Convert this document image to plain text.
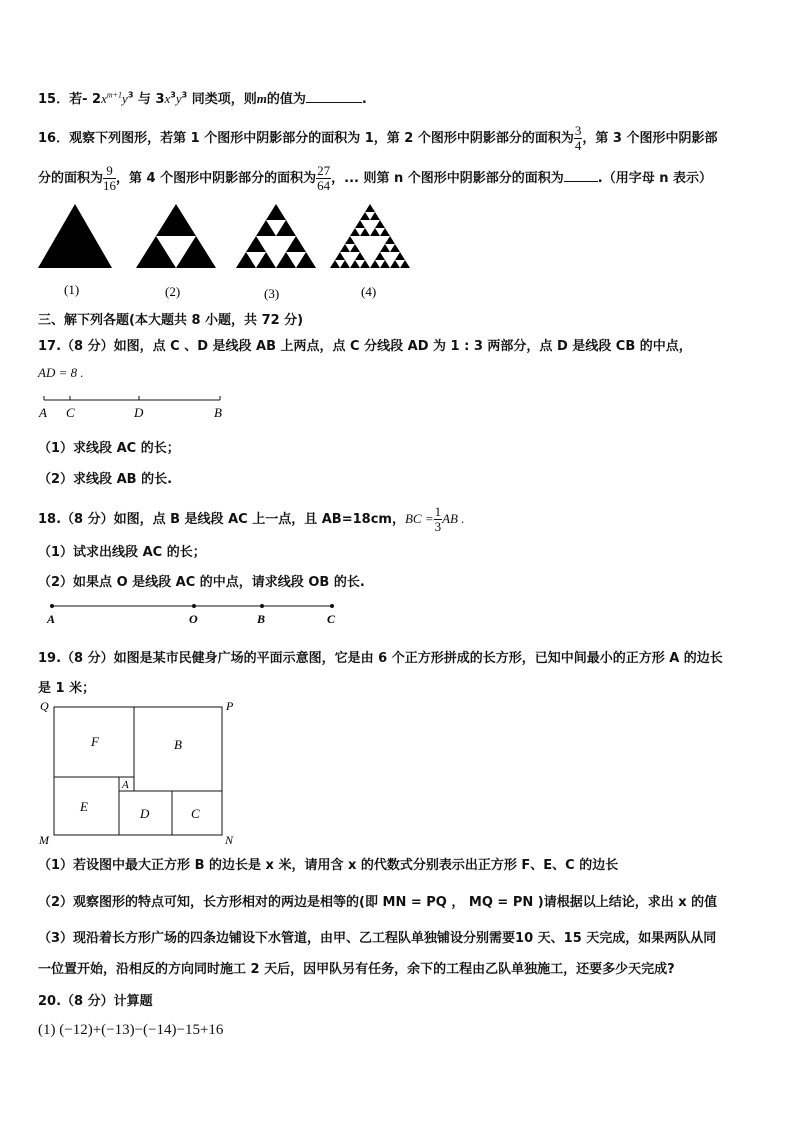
15．若- $2x^{m+1}y^3$ 与 $3x^3y^3$ 同类项，则m的值为	.
16．观察下列图形，若第 1 个图形中阴影部分的面积为 1，第 2 个图形中阴影部分的面积为 $\frac{3}{4}$ ，第 3 个图形中阴影部
分的面积为 $\frac{9}{16}$ ，第 4 个图形中阴影部分的面积为 $\frac{27}{64}$ ，... 则第 n 个图形中阴影部分的面积为	.（用字母 n 表示）
(1)	(2)	(3)	(4)
三、解下列各题(本大题共 8 小题，共 72 分)
17.（8 分）如图，点 C 、D 是线段 AB 上两点，点 C 分线段 AD 为 1 : 3 两部分，点 D 是线段 CB 的中点，
AD = 8 .
A C	D	B
（1）求线段 AC 的长；
（2）求线段 AB 的长.
18.（8 分）如图，点 B 是线段 AC 上一点，且 AB=18cm，BC = $\frac{1}{3}$ AB .
（1）试求出线段 AC 的长；
（2）如果点 O 是线段 AC 的中点，请求线段 OB 的长.
A	O	B	C
19.（8 分）如图是某市民健身广场的平面示意图，它是由 6 个正方形拼成的长方形，已知中间最小的正方形 A 的边长
是 1 米；
Q	P
M	N
F	B
A
E	D	C
（1）若设图中最大正方形 B 的边长是 x 米，请用含 x 的代数式分别表示出正方形 F、E、C 的边长
（2）观察图形的特点可知，长方形相对的两边是相等的(即 MN = PQ ， MQ = PN )请根据以上结论，求出 x 的值
（3）现沿着长方形广场的四条边铺设下水管道，由甲、乙工程队单独铺设分别需要10 天、15 天完成，如果两队从同
一位置开始，沿相反的方向同时施工 2 天后，因甲队另有任务，余下的工程由乙队单独施工，还要多少天完成?
20.（8 分）计算题
(1) (−12)+(−13)−(−14)−15+16
